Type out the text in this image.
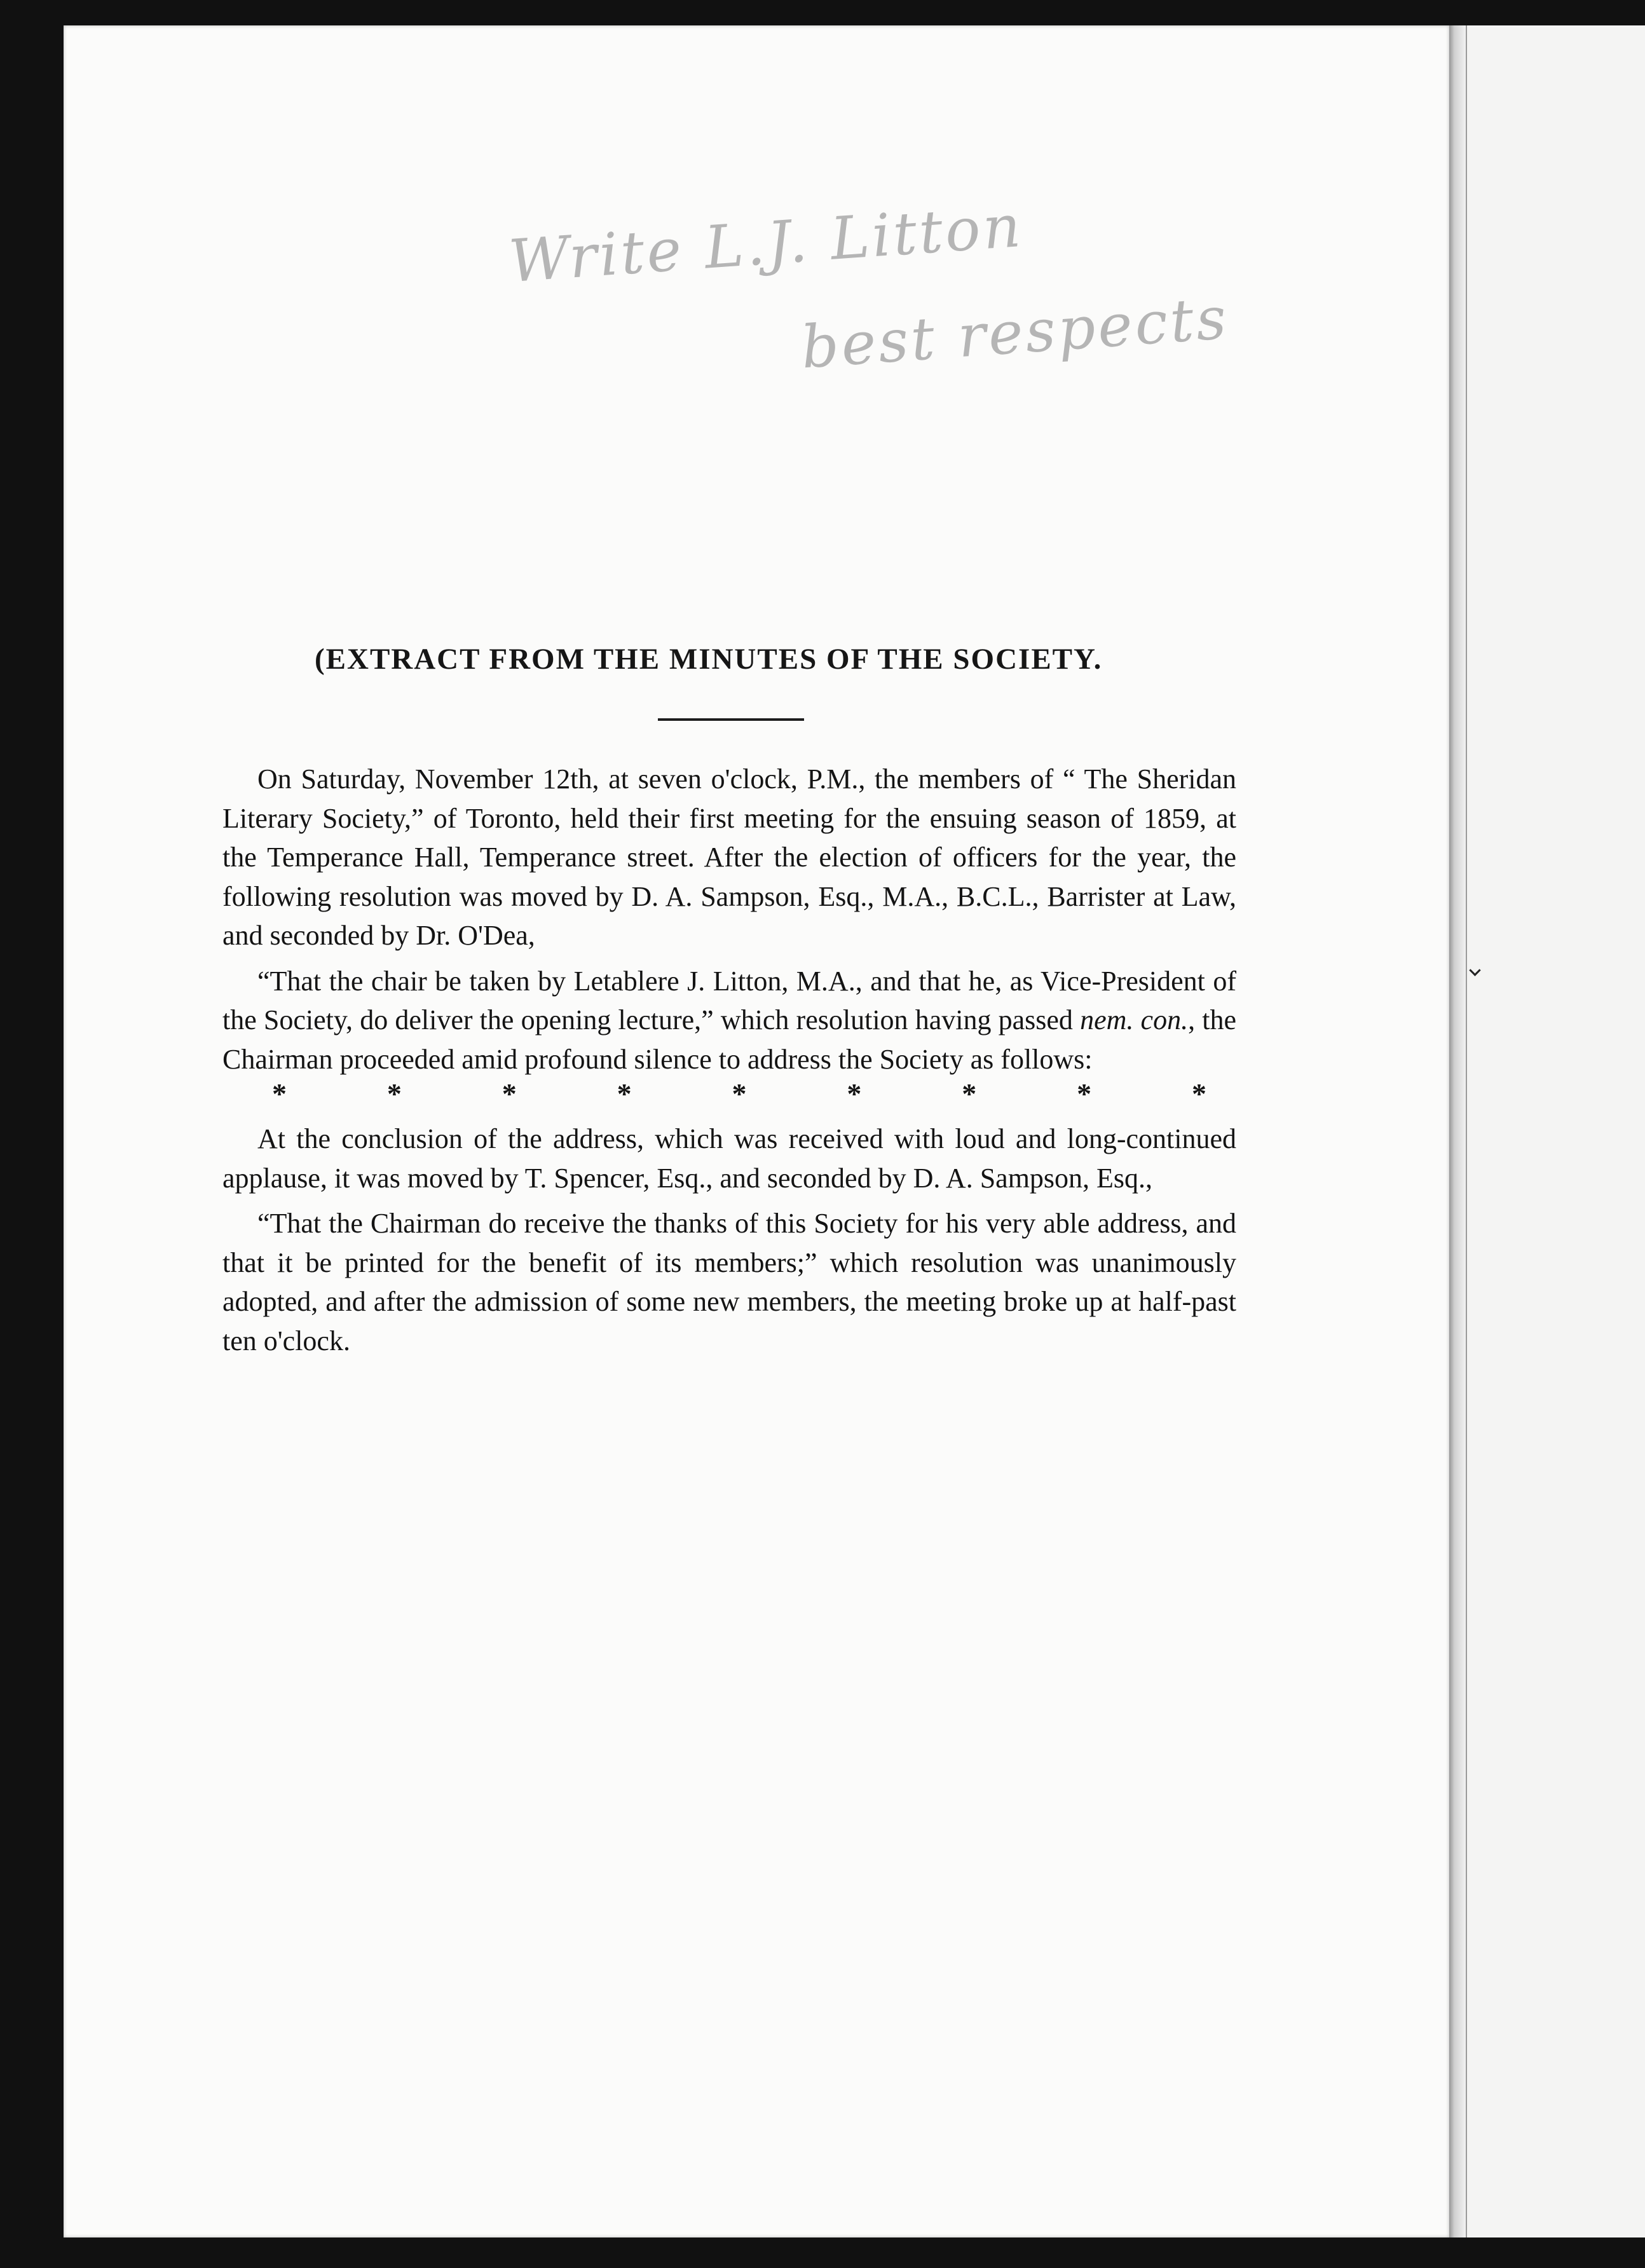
Write L.J. Litton
best respects
(EXTRACT FROM THE MINUTES OF THE SOCIETY.

On Saturday, November 12th, at seven o'clock, P.M., the members of “ The Sheridan Literary Society,” of Toronto, held their first meeting for the ensuing season of 1859, at the Temperance Hall, Temperance street. After the election of officers for the year, the following resolution was moved by D. A. Sampson, Esq., M.A., B.C.L., Barrister at Law, and seconded by Dr. O'Dea,

“That the chair be taken by Letablere J. Litton, M.A., and that he, as Vice-President of the Society, do deliver the opening lecture,” which resolution having passed nem. con., the Chairman proceeded amid profound silence to address the Society as follows:

*	*	*	*	*	*	*	*	*

At the conclusion of the address, which was received with loud and long-continued applause, it was moved by T. Spencer, Esq., and seconded by D. A. Sampson, Esq.,

“That the Chairman do receive the thanks of this Society for his very able address, and that it be printed for the benefit of its members;” which resolution was unanimously adopted, and after the admission of some new members, the meeting broke up at half-past ten o'clock.
